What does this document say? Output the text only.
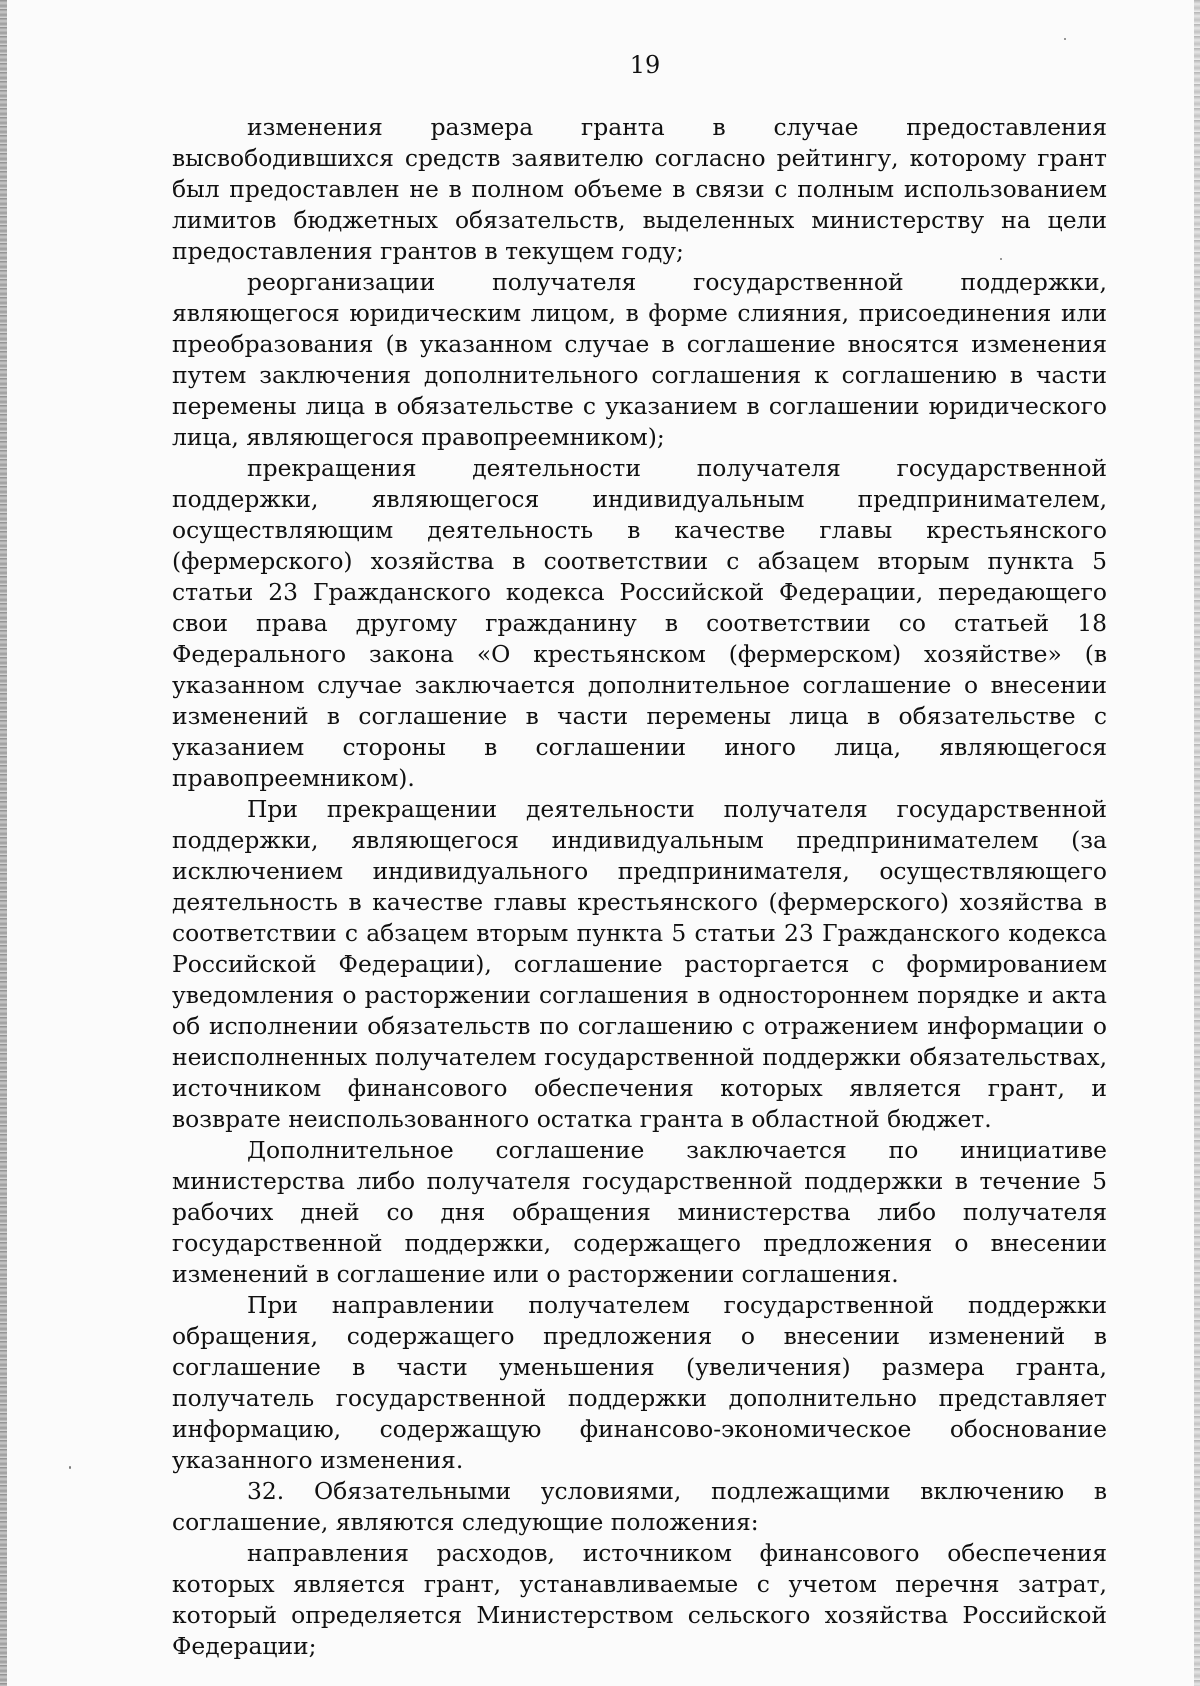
19

изменения размера гранта в случае предоставления высвободившихся средств заявителю согласно рейтингу, которому грант был предоставлен не в полном объеме в связи с полным использованием лимитов бюджетных обязательств, выделенных министерству на цели предоставления грантов в текущем году;

реорганизации получателя государственной поддержки, являющегося юридическим лицом, в форме слияния, присоединения или преобразования (в указанном случае в соглашение вносятся изменения путем заключения дополнительного соглашения к соглашению в части перемены лица в обязательстве с указанием в соглашении юридического лица, являющегося правопреемником);

прекращения деятельности получателя государственной поддержки, являющегося индивидуальным предпринимателем, осуществляющим деятельность в качестве главы крестьянского (фермерского) хозяйства в соответствии с абзацем вторым пункта 5 статьи 23 Гражданского кодекса Российской Федерации, передающего свои права другому гражданину в соответствии со статьей 18 Федерального закона «О крестьянском (фермерском) хозяйстве» (в указанном случае заключается дополнительное соглашение о внесении изменений в соглашение в части перемены лица в обязательстве с указанием стороны в соглашении иного лица, являющегося правопреемником).

При прекращении деятельности получателя государственной поддержки, являющегося индивидуальным предпринимателем (за исключением индивидуального предпринимателя, осуществляющего деятельность в качестве главы крестьянского (фермерского) хозяйства в соответствии с абзацем вторым пункта 5 статьи 23 Гражданского кодекса Российской Федерации), соглашение расторгается с формированием уведомления о расторжении соглашения в одностороннем порядке и акта об исполнении обязательств по соглашению с отражением информации о неисполненных получателем государственной поддержки обязательствах, источником финансового обеспечения которых является грант, и возврате неиспользованного остатка гранта в областной бюджет.

Дополнительное соглашение заключается по инициативе министерства либо получателя государственной поддержки в течение 5 рабочих дней со дня обращения министерства либо получателя государственной поддержки, содержащего предложения о внесении изменений в соглашение или о расторжении соглашения.

При направлении получателем государственной поддержки обращения, содержащего предложения о внесении изменений в соглашение в части уменьшения (увеличения) размера гранта, получатель государственной поддержки дополнительно представляет информацию, содержащую финансово-экономическое обоснование указанного изменения.

32. Обязательными условиями, подлежащими включению в соглашение, являются следующие положения:

направления расходов, источником финансового обеспечения которых является грант, устанавливаемые с учетом перечня затрат, который определяется Министерством сельского хозяйства Российской Федерации;
